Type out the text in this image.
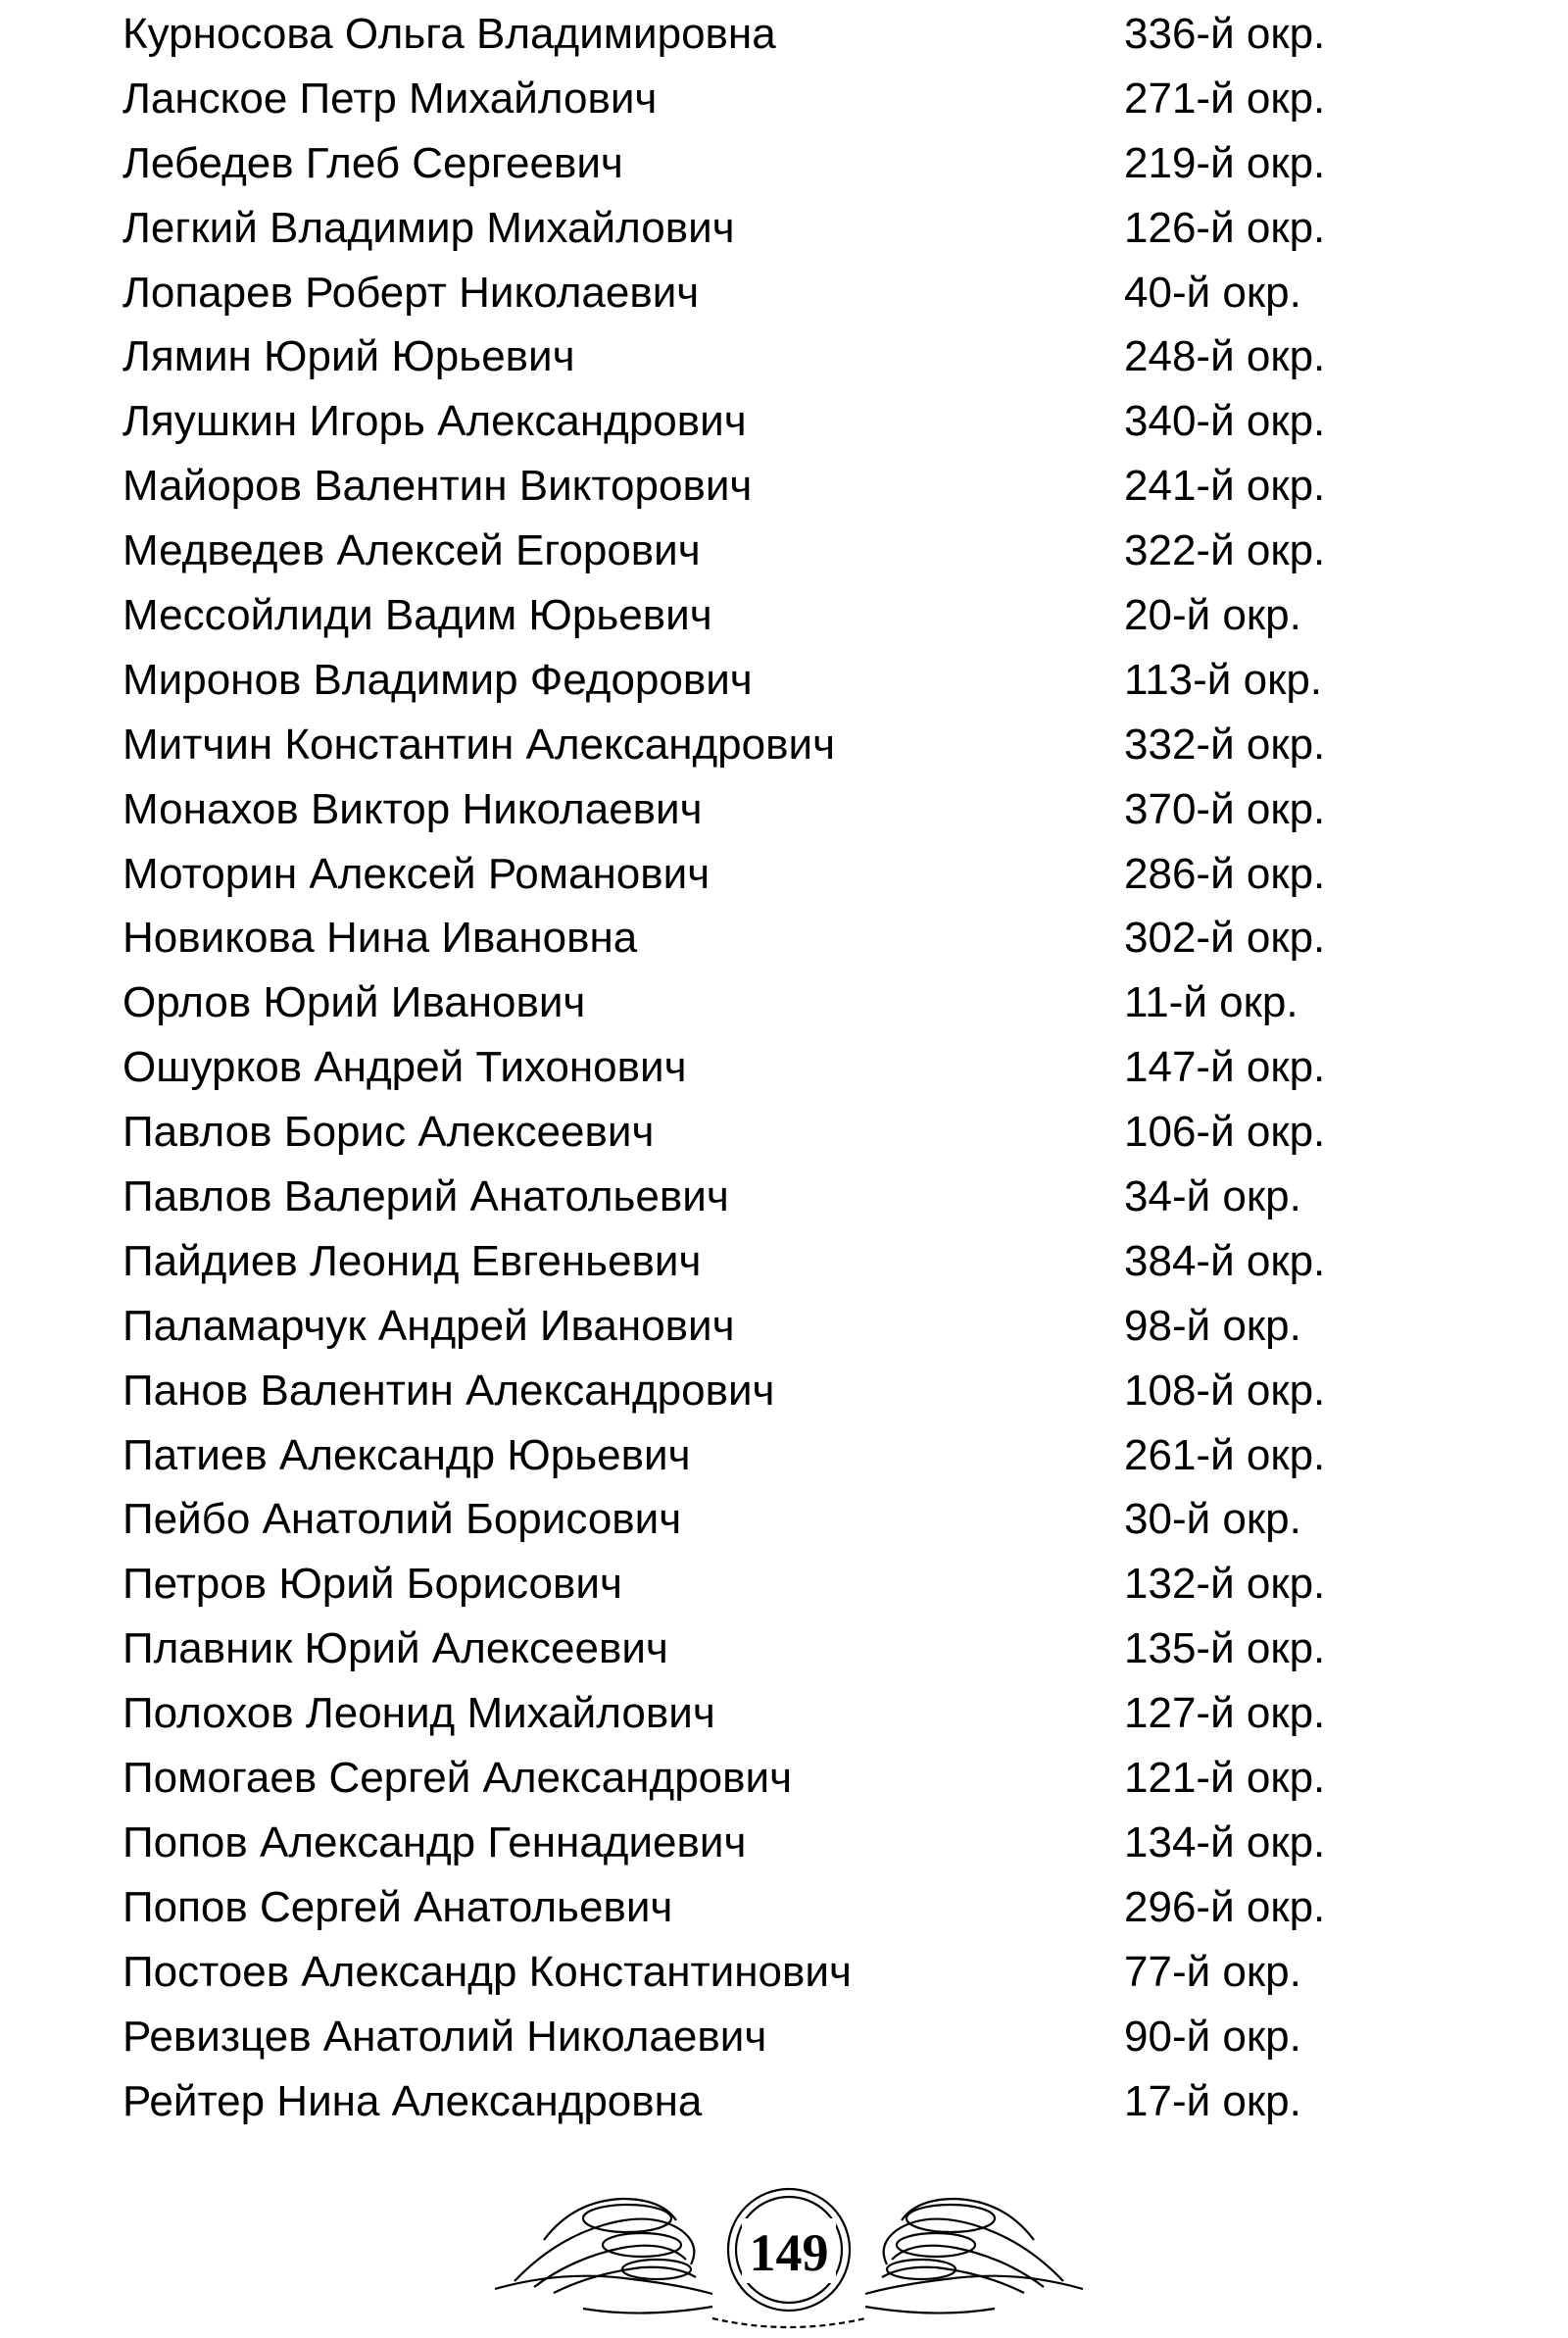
Курносова Ольга Владимировна	336-й окр.
Ланское Петр Михайлович	271-й окр.
Лебедев Глеб Сергеевич	219-й окр.
Легкий Владимир Михайлович	126-й окр.
Лопарев Роберт Николаевич	40-й окр.
Лямин Юрий Юрьевич	248-й окр.
Ляушкин Игорь Александрович	340-й окр.
Майоров Валентин Викторович	241-й окр.
Медведев Алексей Егорович	322-й окр.
Мессойлиди Вадим Юрьевич	20-й окр.
Миронов Владимир Федорович	113-й окр.
Митчин Константин Александрович	332-й окр.
Монахов Виктор Николаевич	370-й окр.
Моторин Алексей Романович	286-й окр.
Новикова Нина Ивановна	302-й окр.
Орлов Юрий Иванович	11-й окр.
Ошурков Андрей Тихонович	147-й окр.
Павлов Борис Алексеевич	106-й окр.
Павлов Валерий Анатольевич	34-й окр.
Пайдиев Леонид Евгеньевич	384-й окр.
Паламарчук Андрей Иванович	98-й окр.
Панов Валентин Александрович	108-й окр.
Патиев Александр Юрьевич	261-й окр.
Пейбо Анатолий Борисович	30-й окр.
Петров Юрий Борисович	132-й окр.
Плавник Юрий Алексеевич	135-й окр.
Полохов Леонид Михайлович	127-й окр.
Помогаев Сергей Александрович	121-й окр.
Попов Александр Геннадиевич	134-й окр.
Попов Сергей Анатольевич	296-й окр.
Постоев Александр Константинович	77-й окр.
Ревизцев Анатолий Николаевич	90-й окр.
Рейтер Нина Александровна	17-й окр.
149
